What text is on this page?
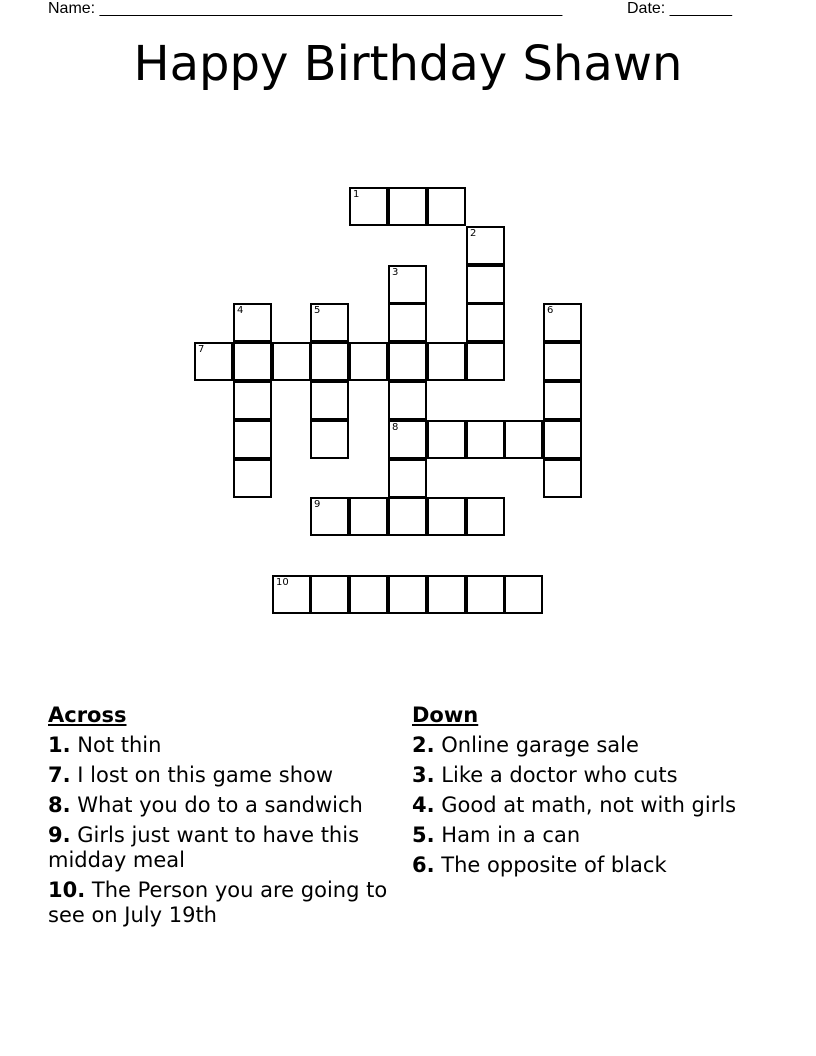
Name: ____________________________________________________	Date: _______
Happy Birthday Shawn
1
2
3
4	5	6
7
8
9
10
Across
1. Not thin
7. I lost on this game show
8. What you do to a sandwich
9. Girls just want to have this midday meal
10. The Person you are going to see on July 19th
Down
2. Online garage sale
3. Like a doctor who cuts
4. Good at math, not with girls
5. Ham in a can
6. The opposite of black
